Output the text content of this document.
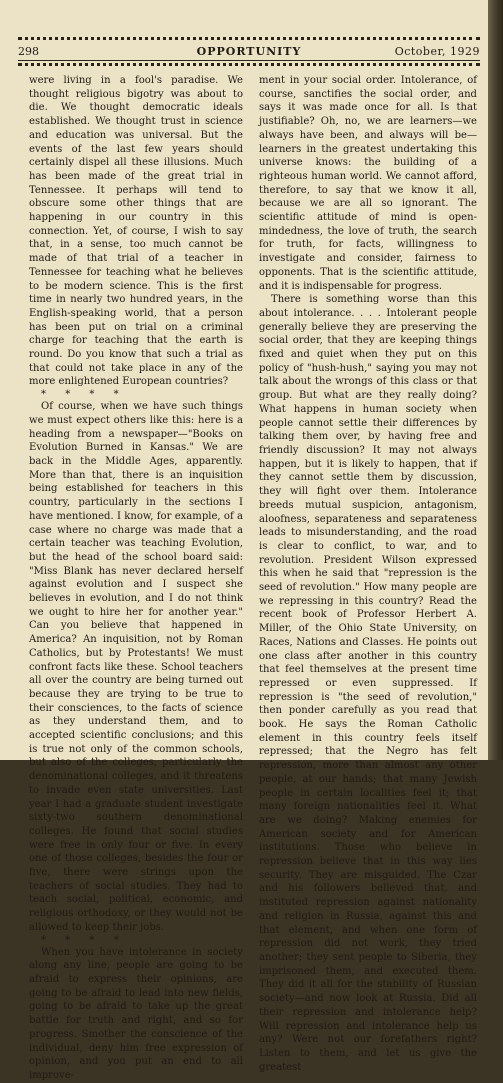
298	OPPORTUNITY	October, 1929

were living in a fool's paradise. We thought religious bigotry was about to die. We thought democratic ideals established. We thought trust in science and education was universal. But the events of the last few years should certainly dispel all these illusions. Much has been made of the great trial in Tennessee. It perhaps will tend to obscure some other things that are happening in our country in this connection. Yet, of course, I wish to say that, in a sense, too much cannot be made of that trial of a teacher in Tennessee for teaching what he believes to be modern science. This is the first time in nearly two hundred years, in the English-speaking world, that a person has been put on trial on a criminal charge for teaching that the earth is round. Do you know that such a trial as that could not take place in any of the more enlightened European countries?

* * * *

Of course, when we have such things we must expect others like this: here is a heading from a newspaper—"Books on Evolution Burned in Kansas." We are back in the Middle Ages, apparently. More than that, there is an inquisition being established for teachers in this country, particularly in the sections I have mentioned. I know, for example, of a case where no charge was made that a certain teacher was teaching Evolution, but the head of the school board said: "Miss Blank has never declared herself against evolution and I suspect she believes in evolution, and I do not think we ought to hire her for another year." Can you believe that happened in America? An inquisition, not by Roman Catholics, but by Protestants! We must confront facts like these. School teachers all over the country are being turned out because they are trying to be true to their consciences, to the facts of science as they understand them, and to accepted scientific conclusions; and this is true not only of the common schools, but also of the colleges, particularly the denominational colleges, and it threatens to invade even state universities. Last year I had a graduate student investigate sixty-two southern denominational colleges. He found that social studies were free in only four or five. In every one of those colleges, besides the four or five, there were strings upon the teachers of social studies. They had to teach social, political, economic, and religious orthodoxy, or they would not be allowed to keep their jobs.

* * * *

When you have intolerance in society along any line, people are going to be afraid to express their opinions, are going to be afraid to lead into new fields, going to be afraid to take up the great battle for truth and right, and so for progress. Smother the conscience of the individual, deny him free expression of opinion, and you put an end to all improve-

ment in your social order. Intolerance, of course, sanctifies the social order, and says it was made once for all. Is that justifiable? Oh, no, we are learners—we always have been, and always will be—learners in the greatest undertaking this universe knows: the building of a righteous human world. We cannot afford, therefore, to say that we know it all, because we are all so ignorant. The scientific attitude of mind is open-mindedness, the love of truth, the search for truth, for facts, willingness to investigate and consider, fairness to opponents. That is the scientific attitude, and it is indispensable for progress.

There is something worse than this about intolerance. . . . Intolerant people generally believe they are preserving the social order, that they are keeping things fixed and quiet when they put on this policy of "hush-hush," saying you may not talk about the wrongs of this class or that group. But what are they really doing? What happens in human society when people cannot settle their differences by talking them over, by having free and friendly discussion? It may not always happen, but it is likely to happen, that if they cannot settle them by discussion, they will fight over them. Intolerance breeds mutual suspicion, antagonism, aloofness, separateness and separateness leads to misunderstanding, and the road is clear to conflict, to war, and to revolution. President Wilson expressed this when he said that "repression is the seed of revolution." How many people are we repressing in this country? Read the recent book of Professor Herbert A. Miller, of the Ohio State University, on Races, Nations and Classes. He points out one class after another in this country that feel themselves at the present time repressed or even suppressed. If repression is "the seed of revolution," then ponder carefully as you read that book. He says the Roman Catholic element in this country feels itself repressed; that the Negro has felt repression, more than almost any other people, at our hands; that many Jewish people in certain localities feel it; that many foreign nationalities feel it. What are we doing? Making enemies for American society and for American institutions. Those who believe in repression believe that in this way lies security. They are misguided. The Czar and his followers believed that, and instituted repression against nationality and religion in Russia, against this and that element, and when one form of repression did not work, they tried another; they sent people to Siberia, they imprisoned them, and executed them. They did it all for the stability of Russian society—and now look at Russia. Did all their repression and intolerance help? Will repression and intolerance help us any? Were not our forefathers right? Listen to them, and let us give the greatest
